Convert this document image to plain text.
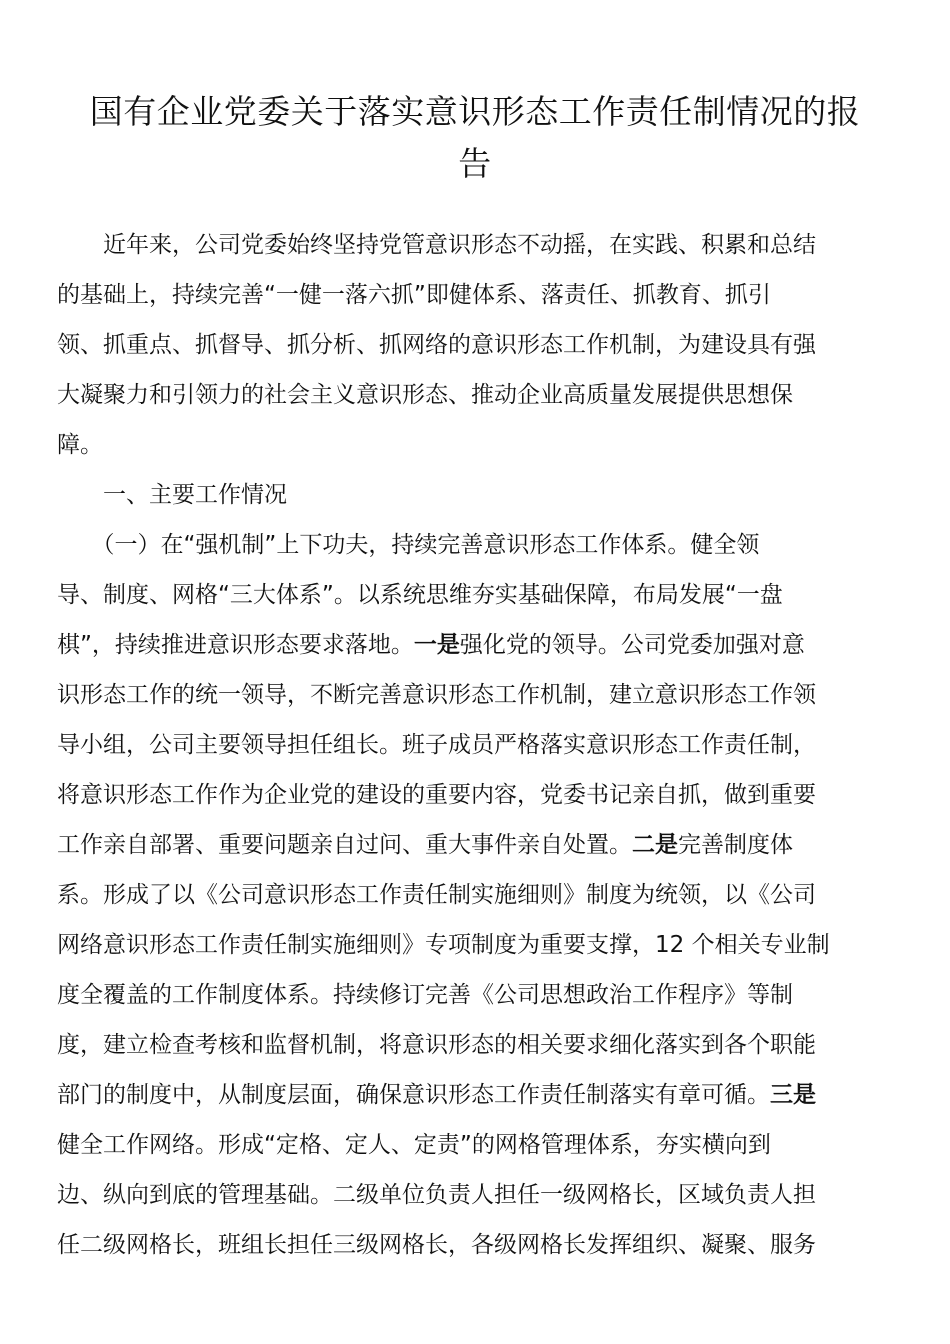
国有企业党委关于落实意识形态工作责任制情况的报
告
　　近年来，公司党委始终坚持党管意识形态不动摇，在实践、积累和总结
的基础上，持续完善“一健一落六抓”即健体系、落责任、抓教育、抓引
领、抓重点、抓督导、抓分析、抓网络的意识形态工作机制，为建设具有强
大凝聚力和引领力的社会主义意识形态、推动企业高质量发展提供思想保
障。
　　一、主要工作情况
　　（一）在“强机制”上下功夫，持续完善意识形态工作体系。健全领
导、制度、网格“三大体系”。以系统思维夯实基础保障，布局发展“一盘
棋”，持续推进意识形态要求落地。一是强化党的领导。公司党委加强对意
识形态工作的统一领导，不断完善意识形态工作机制，建立意识形态工作领
导小组，公司主要领导担任组长。班子成员严格落实意识形态工作责任制，
将意识形态工作作为企业党的建设的重要内容，党委书记亲自抓，做到重要
工作亲自部署、重要问题亲自过问、重大事件亲自处置。二是完善制度体
系。形成了以《公司意识形态工作责任制实施细则》制度为统领，以《公司
网络意识形态工作责任制实施细则》专项制度为重要支撑，12 个相关专业制
度全覆盖的工作制度体系。持续修订完善《公司思想政治工作程序》等制
度，建立检查考核和监督机制，将意识形态的相关要求细化落实到各个职能
部门的制度中，从制度层面，确保意识形态工作责任制落实有章可循。三是
健全工作网络。形成“定格、定人、定责”的网格管理体系，夯实横向到
边、纵向到底的管理基础。二级单位负责人担任一级网格长，区域负责人担
任二级网格长，班组长担任三级网格长，各级网格长发挥组织、凝聚、服务
